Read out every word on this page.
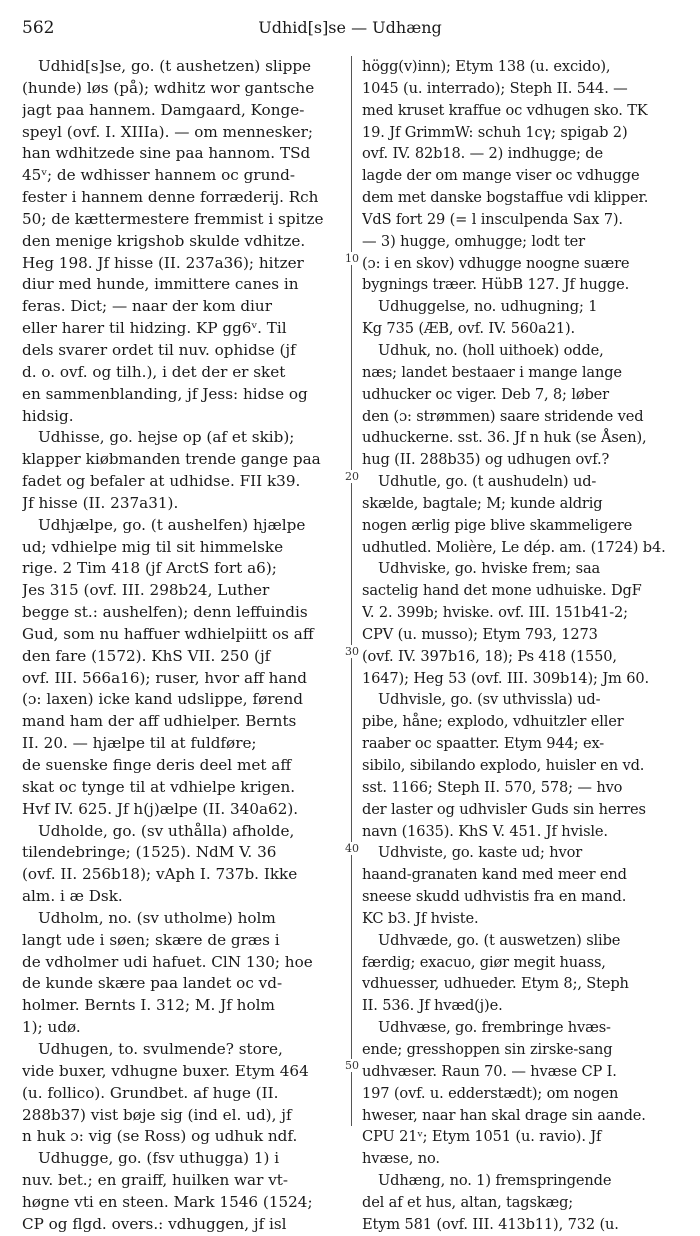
562	Udhid[s]se — Udhæng
Udhid[s]se, go. (t aushetzen) slippe
(hunde) løs (på); wdhitz wor gantsche
jagt paa hannem. Damgaard, Konge-
speyl (ovf. I. XIIIa). — om mennesker;
han wdhitzede sine paa hannom. TSd
45ᵛ; de wdhisser hannem oc grund-
fester i hannem denne forræderij. Rch
50; de kættermestere fremmist i spitze
den menige krigshob skulde vdhitze.
Heg 198. Jf hisse (II. 237a36); hitzer
diur med hunde, immittere canes in
feras. Dict; — naar der kom diur
eller harer til hidzing. KP gg6ᵛ. Til
dels svarer ordet til nuv. ophidse (jf
d. o. ovf. og tilh.), i det der er sket
en sammenblanding, jf Jess: hidse og
hidsig.
Udhisse, go. hejse op (af et skib);
klapper kiøbmanden trende gange paa
fadet og befaler at udhidse. FII k39.
Jf hisse (II. 237a31).
Udhjælpe, go. (t aushelfen) hjælpe
ud; vdhielpe mig til sit himmelske
rige. 2 Tim 418 (jf ArctS fort a6);
Jes 315 (ovf. III. 298b24, Luther
begge st.: aushelfen); denn leffuindis
Gud, som nu haffuer wdhielpiitt os aff
den fare (1572). KhS VII. 250 (jf
ovf. III. 566a16); ruser, hvor aff hand
(ɔ: laxen) icke kand udslippe, førend
mand ham der aff udhielper. Bernts
II. 20. — hjælpe til at fuldføre;
de suenske finge deris deel met aff
skat oc tynge til at vdhielpe krigen.
Hvf IV. 625. Jf h(j)ælpe (II. 340a62).
Udholde, go. (sv uthålla) afholde,
tilendebringe; (1525). NdM V. 36
(ovf. II. 256b18); vAph I. 737b. Ikke
alm. i æ Dsk.
Udholm, no. (sv utholme) holm
langt ude i søen; skære de græs i
de vdholmer udi hafuet. ClN 130; hoe
de kunde skære paa landet oc vd-
holmer. Bernts I. 312; M. Jf holm
1); udø.
Udhugen, to. svulmende? store,
vide buxer, vdhugne buxer. Etym 464
(u. follico). Grundbet. af huge (II.
288b37) vist bøje sig (ind el. ud), jf
n huk ɔ: vig (se Ross) og udhuk ndf.
Udhugge, go. (fsv uthugga) 1) i
nuv. bet.; en graiff, huilken war vt-
høgne vti en steen. Mark 1546 (1524;
CP og flgd. overs.: vdhuggen, jf isl
högg(v)inn); Etym 138 (u. excido),
1045 (u. interrado); Steph II. 544. —
med kruset kraffue oc vdhugen sko. TK
19. Jf GrimmW: schuh 1cγ; spigab 2)
ovf. IV. 82b18. — 2) indhugge; de
lagde der om mange viser oc vdhugge
dem met danske bogstaffue vdi klipper.
VdS fort 29 (= l insculpenda Sax 7).
— 3) hugge, omhugge; lodt ter
(ɔ: i en skov) vdhugge noogne suære
bygnings træer. HübB 127. Jf hugge.
Udhuggelse, no. udhugning; 1
Kg 735 (ÆB, ovf. IV. 560a21).
Udhuk, no. (holl uithoek) odde,
næs; landet bestaaer i mange lange
udhucker oc viger. Deb 7, 8; løber
den (ɔ: strømmen) saare stridende ved
udhuckerne. sst. 36. Jf n huk (se Åsen),
hug (II. 288b35) og udhugen ovf.?
Udhutle, go. (t aushudeln) ud-
skælde, bagtale; M; kunde aldrig
nogen ærlig pige blive skammeligere
udhutled. Molière, Le dép. am. (1724) b4.
Udhviske, go. hviske frem; saa
sactelig hand det mone udhuiske. DgF
V. 2. 399b; hviske. ovf. III. 151b41-2;
CPV (u. musso); Etym 793, 1273
(ovf. IV. 397b16, 18); Ps 418 (1550,
1647); Heg 53 (ovf. III. 309b14); Jm 60.
Udhvisle, go. (sv uthvissla) ud-
pibe, håne; explodo, vdhuitzler eller
raaber oc spaatter. Etym 944; ex-
sibilo, sibilando explodo, huisler en vd.
sst. 1166; Steph II. 570, 578; — hvo
der laster og udhvisler Guds sin herres
navn (1635). KhS V. 451. Jf hvisle.
Udhviste, go. kaste ud; hvor
haand-granaten kand med meer end
sneese skudd udhvistis fra en mand.
KC b3. Jf hviste.
Udhvæde, go. (t auswetzen) slibe
færdig; exacuo, giør megit huass,
vdhuesser, udhueder. Etym 8;, Steph
II. 536. Jf hvæd(j)e.
Udhvæse, go. frembringe hvæs-
ende; gresshoppen sin zirske-sang
udhvæser. Raun 70. — hvæse CP I.
197 (ovf. u. edderstædt); om nogen
hweser, naar han skal drage sin aande.
CPU 21ᵛ; Etym 1051 (u. ravio). Jf
hvæse, no.
Udhæng, no. 1) fremspringende
del af et hus, altan, tagskæg;
Etym 581 (ovf. III. 413b11), 732 (u.
10
20
30
40
50
